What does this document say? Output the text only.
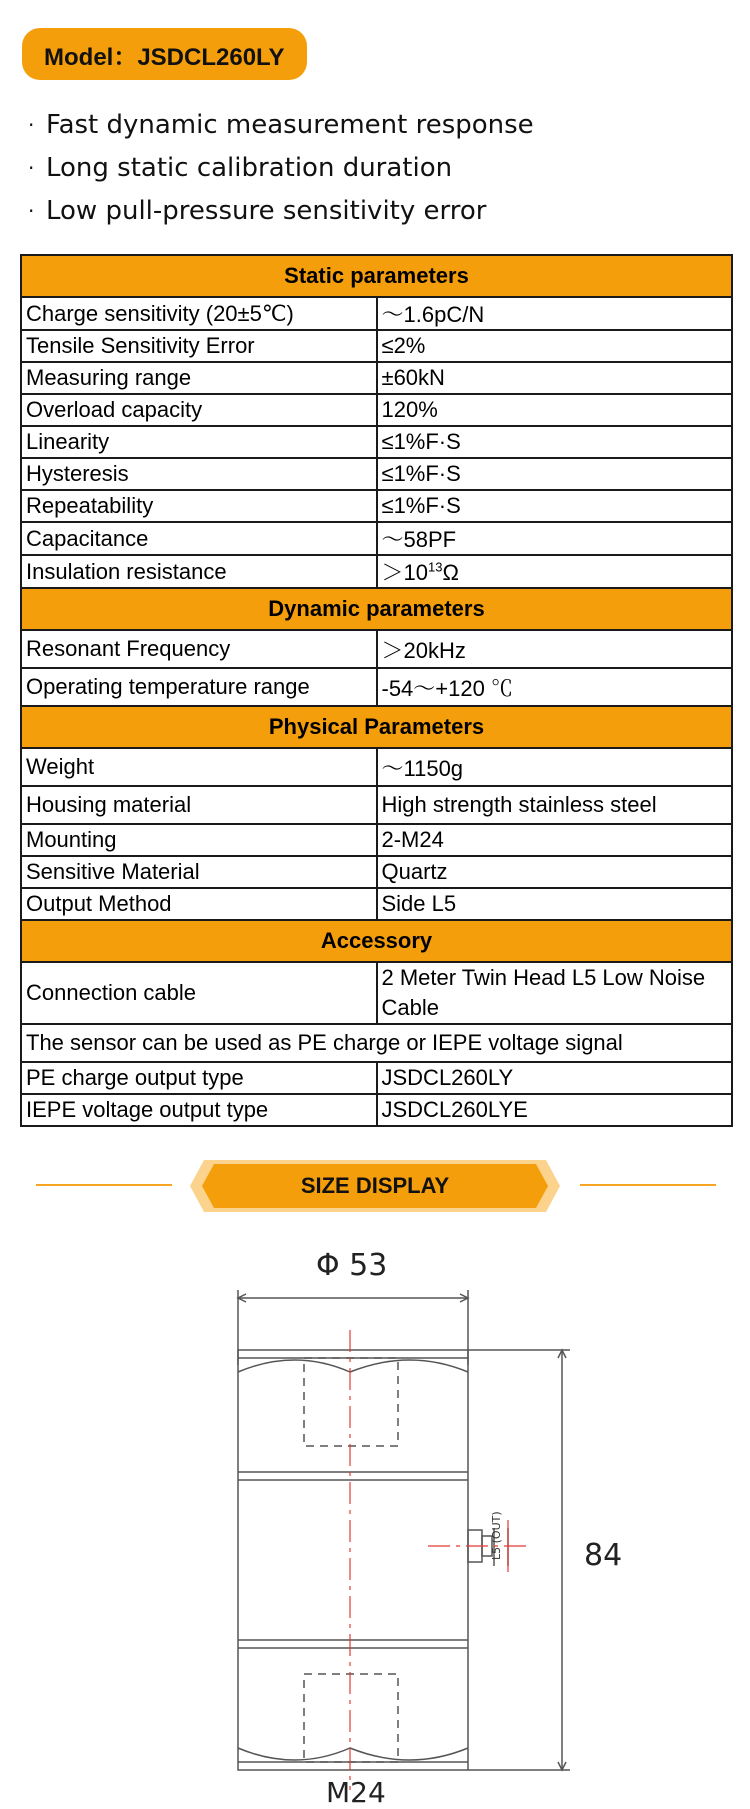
Model：JSDCL260LY
· Fast dynamic measurement response
· Long static calibration duration
· Low pull-pressure sensitivity error
Static parameters	
Charge sensitivity (20±5℃)	～1.6pC/N
Tensile Sensitivity Error	≤2%
Measuring range	±60kN
Overload capacity	120%
Linearity	≤1%F·S
Hysteresis	≤1%F·S
Repeatability	≤1%F·S
Capacitance	～58PF
Insulation resistance	$>10^{13}\Omega$
Dynamic parameters	
Resonant Frequency	＞20kHz
Operating temperature range	-54～+120 ℃
Physical Parameters	
Weight	～1150g
Housing material	High strength stainless steel
Mounting	2-M24
Sensitive Material	Quartz
Output Method	Side L5
Accessory	
Connection cable	2 Meter Twin Head L5 Low Noise Cable
The sensor can be used as PE charge or IEPE voltage signal	
PE charge output type	JSDCL260LY
IEPE voltage output type	JSDCL260LYE
SIZE DISPLAY
L5 (OUT)
Φ 53
84
M24
